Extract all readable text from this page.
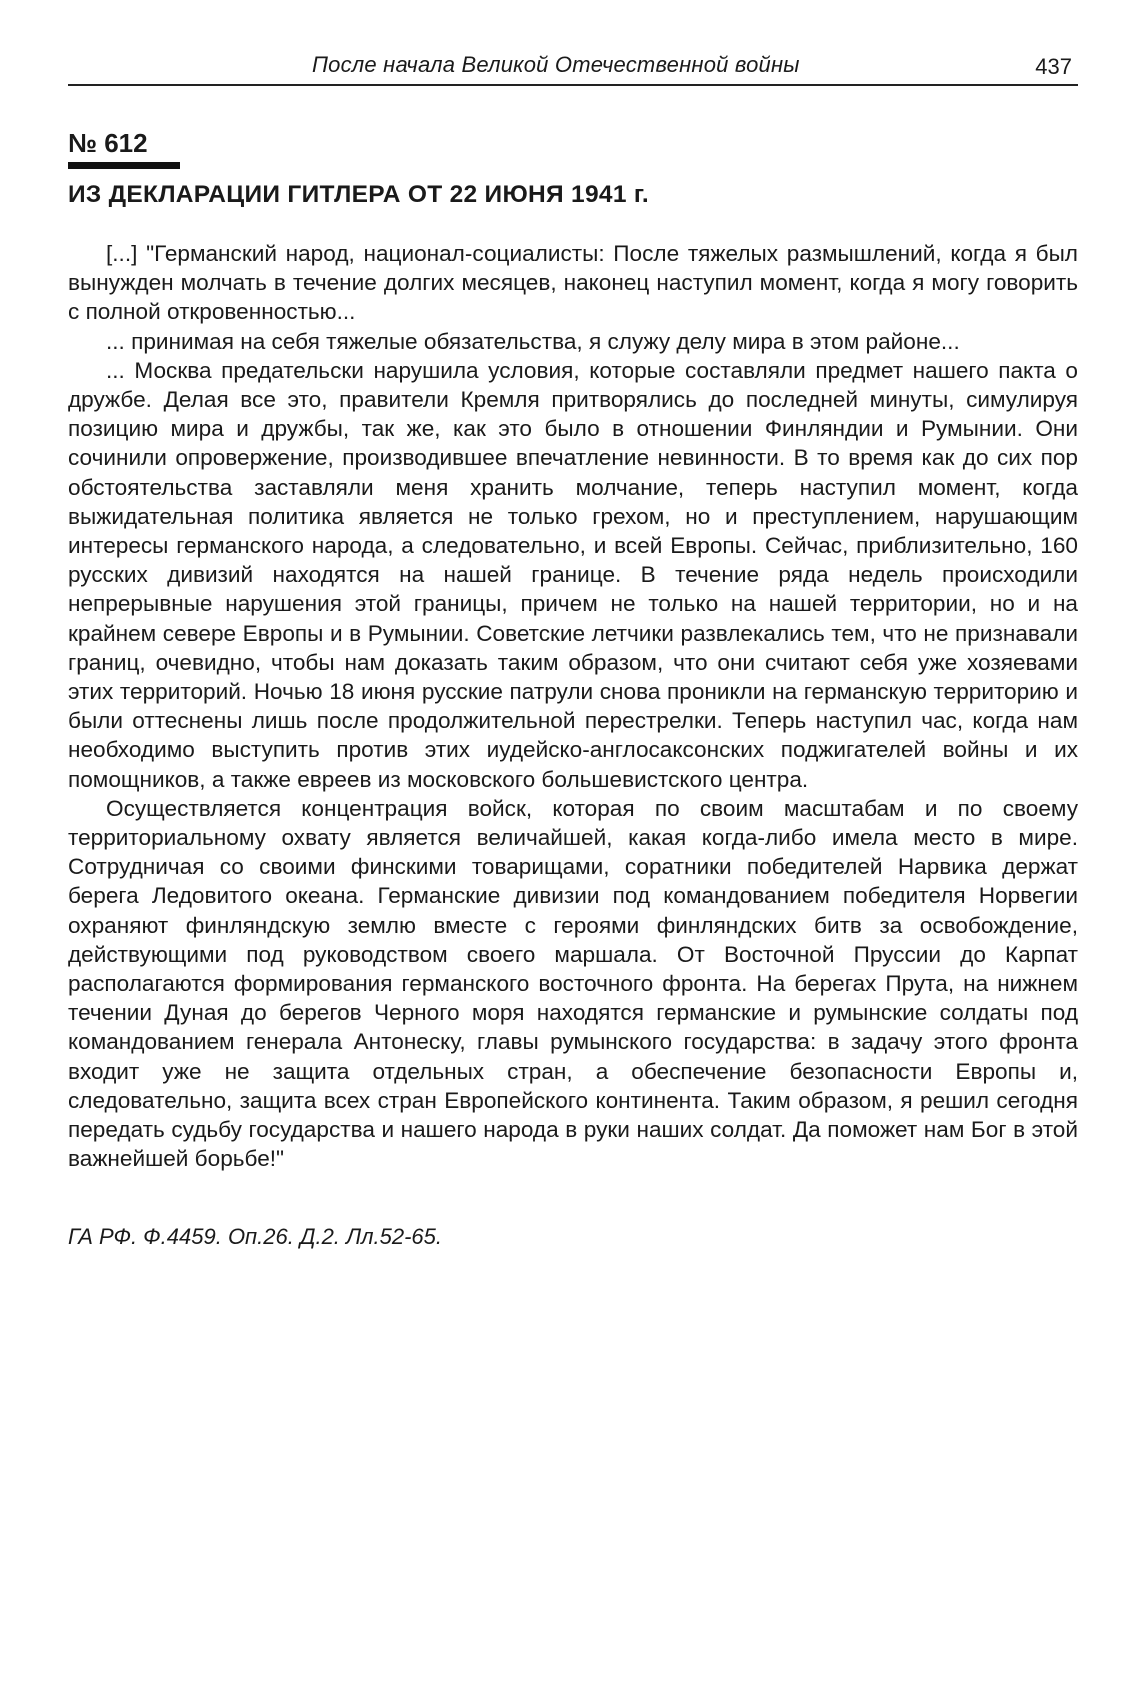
После начала Великой Отечественной войны	437
№ 612
ИЗ ДЕКЛАРАЦИИ ГИТЛЕРА ОТ 22 ИЮНЯ 1941 г.

[...] "Германский народ, национал-социалисты: После тяжелых размышлений, когда я был вынужден молчать в течение долгих месяцев, наконец наступил момент, когда я могу говорить с полной откровенностью...

... принимая на себя тяжелые обязательства, я служу делу мира в этом районе...

... Москва предательски нарушила условия, которые составляли предмет нашего пакта о дружбе. Делая все это, правители Кремля притворялись до последней минуты, симулируя позицию мира и дружбы, так же, как это было в отношении Финляндии и Румынии. Они сочинили опровержение, производившее впечатление невинности. В то время как до сих пор обстоятельства заставляли меня хранить молчание, теперь наступил момент, когда выжидательная политика является не только грехом, но и преступлением, нарушающим интересы германского народа, а следовательно, и всей Европы. Сейчас, приблизительно, 160 русских дивизий находятся на нашей границе. В течение ряда недель происходили непрерывные нарушения этой границы, причем не только на нашей территории, но и на крайнем севере Европы и в Румынии. Советские летчики развлекались тем, что не признавали границ, очевидно, чтобы нам доказать таким образом, что они считают себя уже хозяевами этих территорий. Ночью 18 июня русские патрули снова проникли на германскую территорию и были оттеснены лишь после продолжительной перестрелки. Теперь наступил час, когда нам необходимо выступить против этих иудейско-англосаксонских поджигателей войны и их помощников, а также евреев из московского большевистского центра.

Осуществляется концентрация войск, которая по своим масштабам и по своему территориальному охвату является величайшей, какая когда-либо имела место в мире. Сотрудничая со своими финскими товарищами, соратники победителей Нарвика держат берега Ледовитого океана. Германские дивизии под командованием победителя Норвегии охраняют финляндскую землю вместе с героями финляндских битв за освобождение, действующими под руководством своего маршала. От Восточной Пруссии до Карпат располагаются формирования германского восточного фронта. На берегах Прута, на нижнем течении Дуная до берегов Черного моря находятся германские и румынские солдаты под командованием генерала Антонеску, главы румынского государства: в задачу этого фронта входит уже не защита отдельных стран, а обеспечение безопасности Европы и, следовательно, защита всех стран Европейского континента. Таким образом, я решил сегодня передать судьбу государства и нашего народа в руки наших солдат. Да поможет нам Бог в этой важнейшей борьбе!"

ГА РФ. Ф.4459. Оп.26. Д.2. Лл.52-65.
